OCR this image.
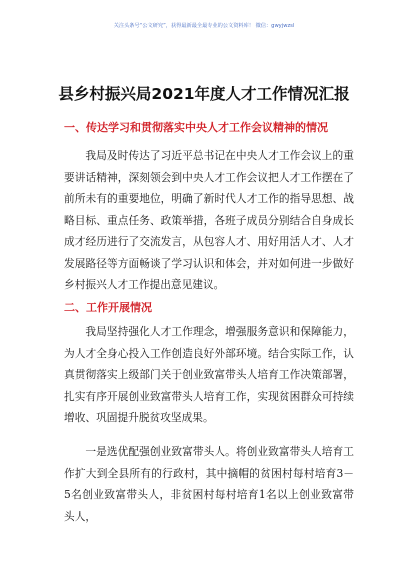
关注头条号“公文研究”，获得最新最全最专业的公文资料库！ 微信：gwyjwzsl
县乡村振兴局2021年度人才工作情况汇报
一、传达学习和贯彻落实中央人才工作会议精神的情况

我局及时传达了习近平总书记在中央人才工作会议上的重要讲话精神，深刻领会到中央人才工作会议把人才工作摆在了前所未有的重要地位，明确了新时代人才工作的指导思想、战略目标、重点任务、政策举措，各班子成员分别结合自身成长成才经历进行了交流发言，从包容人才、用好用活人才、人才发展路径等方面畅谈了学习认识和体会，并对如何进一步做好乡村振兴人才工作提出意见建议。

二、工作开展情况

我局坚持强化人才工作理念，增强服务意识和保障能力，为人才全身心投入工作创造良好外部环境。结合实际工作，认真贯彻落实上级部门关于创业致富带头人培育工作决策部署，扎实有序开展创业致富带头人培育工作，实现贫困群众可持续增收、巩固提升脱贫攻坚成果。

一是选优配强创业致富带头人。将创业致富带头人培育工作扩大到全县所有的行政村，其中摘帽的贫困村每村培育3－5名创业致富带头人，非贫困村每村培育1名以上创业致富带头人，
